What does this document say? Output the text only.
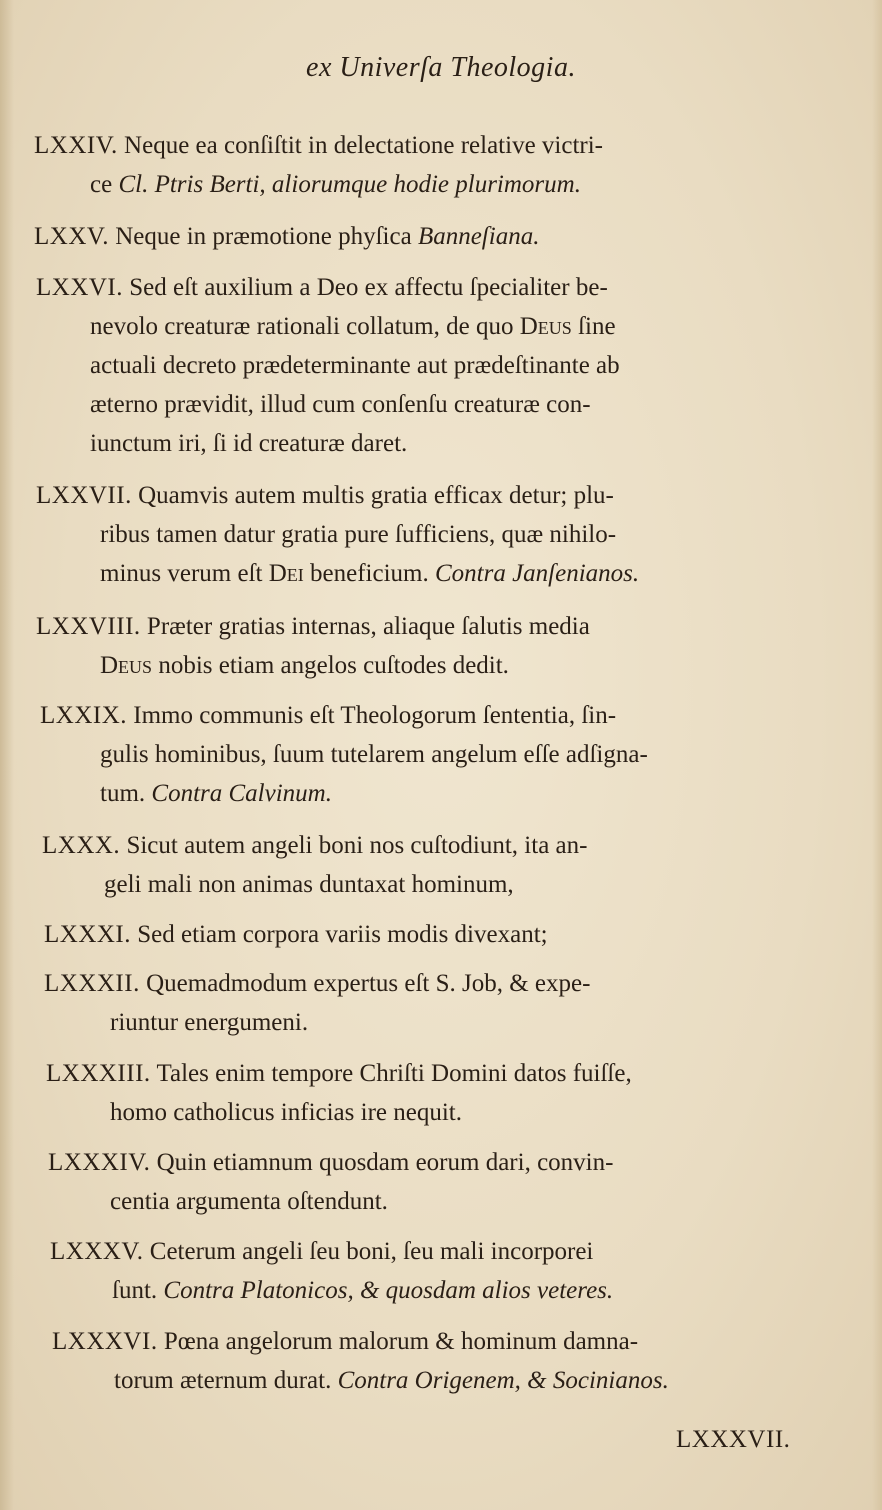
ex Univerſa Theologia.
LXXIV. Neque ea conſiſtit in delectatione relative victri-
ce Cl. Ptris Berti, aliorumque hodie plurimorum.
LXXV. Neque in præmotione phyſica Banneſiana.
LXXVI. Sed eſt auxilium a Deo ex affectu ſpecialiter be-
nevolo creaturæ rationali collatum, de quo Deus ſine
actuali decreto prædeterminante aut prædeſtinante ab
æterno prævidit, illud cum conſenſu creaturæ con-
iunctum iri, ſi id creaturæ daret.
LXXVII. Quamvis autem multis gratia efficax detur; plu-
ribus tamen datur gratia pure ſufficiens, quæ nihilo-
minus verum eſt Dei beneficium. Contra Janſenianos.
LXXVIII. Præter gratias internas, aliaque ſalutis media
Deus nobis etiam angelos cuſtodes dedit.
LXXIX. Immo communis eſt Theologorum ſententia, ſin-
gulis hominibus, ſuum tutelarem angelum eſſe adſigna-
tum. Contra Calvinum.
LXXX. Sicut autem angeli boni nos cuſtodiunt, ita an-
geli mali non animas duntaxat hominum,
LXXXI. Sed etiam corpora variis modis divexant;
LXXXII. Quemadmodum expertus eſt S. Job, & expe-
riuntur energumeni.
LXXXIII. Tales enim tempore Chriſti Domini datos fuiſſe,
homo catholicus inficias ire nequit.
LXXXIV. Quin etiamnum quosdam eorum dari, convin-
centia argumenta oſtendunt.
LXXXV. Ceterum angeli ſeu boni, ſeu mali incorporei
ſunt. Contra Platonicos, & quosdam alios veteres.
LXXXVI. Pœna angelorum malorum & hominum damna-
torum æternum durat. Contra Origenem, & Socinianos.
LXXXVII.
